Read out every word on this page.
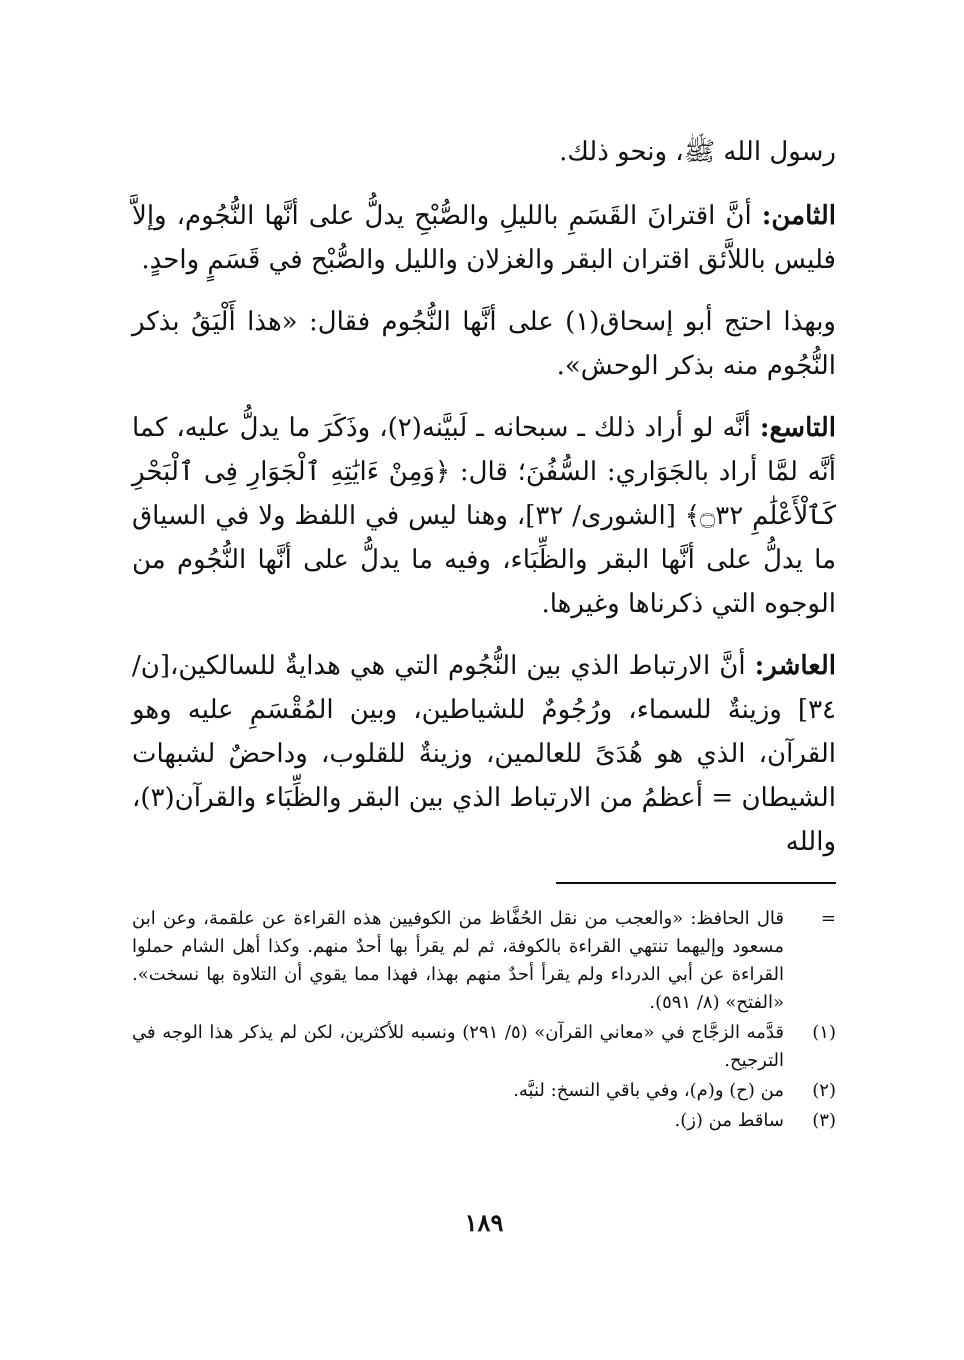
رسول الله ﷺ، ونحو ذلك.

الثامن: أنَّ اقترانَ القَسَمِ بالليلِ والصُّبْحِ يدلُّ على أنَّها النُّجُوم، وإلاَّ فليس باللاَّئق اقتران البقر والغزلان والليل والصُّبْح في قَسَمٍ واحدٍ.

وبهذا احتج أبو إسحاق(١) على أنَّها النُّجُوم فقال: «هذا أَلْيَقُ بذكر النُّجُوم منه بذكر الوحش».

التاسع: أنَّه لو أراد ذلك ـ سبحانه ـ لَبيَّنه(٢)، وذَكَرَ ما يدلُّ عليه، كما أنَّه لمَّا أراد بالجَوَاري: السُّفُنَ؛ قال: ﴿وَمِنْ ءَايَٰتِهِ ٱلْجَوَارِ فِى ٱلْبَحْرِ كَٱلْأَعْلَٰمِ ۝٣٢﴾ [الشورى/ ٣٢]، وهنا ليس في اللفظ ولا في السياق ما يدلُّ على أنَّها البقر والظِّبَاء، وفيه ما يدلُّ على أنَّها النُّجُوم من الوجوه التي ذكرناها وغيرها.

العاشر: أنَّ الارتباط الذي بين النُّجُوم التي هي هدايةٌ للسالكين،[ن/ ٣٤] وزينةٌ للسماء، ورُجُومٌ للشياطين، وبين المُقْسَمِ عليه وهو القرآن، الذي هو هُدَىً للعالمين، وزينةٌ للقلوب، وداحضٌ لشبهات الشيطان = أعظمُ من الارتباط الذي بين البقر والظِّبَاء والقرآن(٣)، والله

=
قال الحافظ: «والعجب من نقل الحُفَّاظ من الكوفيين هذه القراءة عن علقمة، وعن ابن مسعود وإليهما تنتهي القراءة بالكوفة، ثم لم يقرأ بها أحدٌ منهم. وكذا أهل الشام حملوا القراءة عن أبي الدرداء ولم يقرأ أحدٌ منهم بهذا، فهذا مما يقوي أن التلاوة بها نسخت». «الفتح» (٨/ ٥٩١).
(١)
قدَّمه الزجَّاج في «معاني القرآن» (٥/ ٢٩١) ونسبه للأكثرين، لكن لم يذكر هذا الوجه في الترجيح.
(٢)
من (ح) و(م)، وفي باقي النسخ: لنبَّه.
(٣)
ساقط من (ز).
١٨٩
